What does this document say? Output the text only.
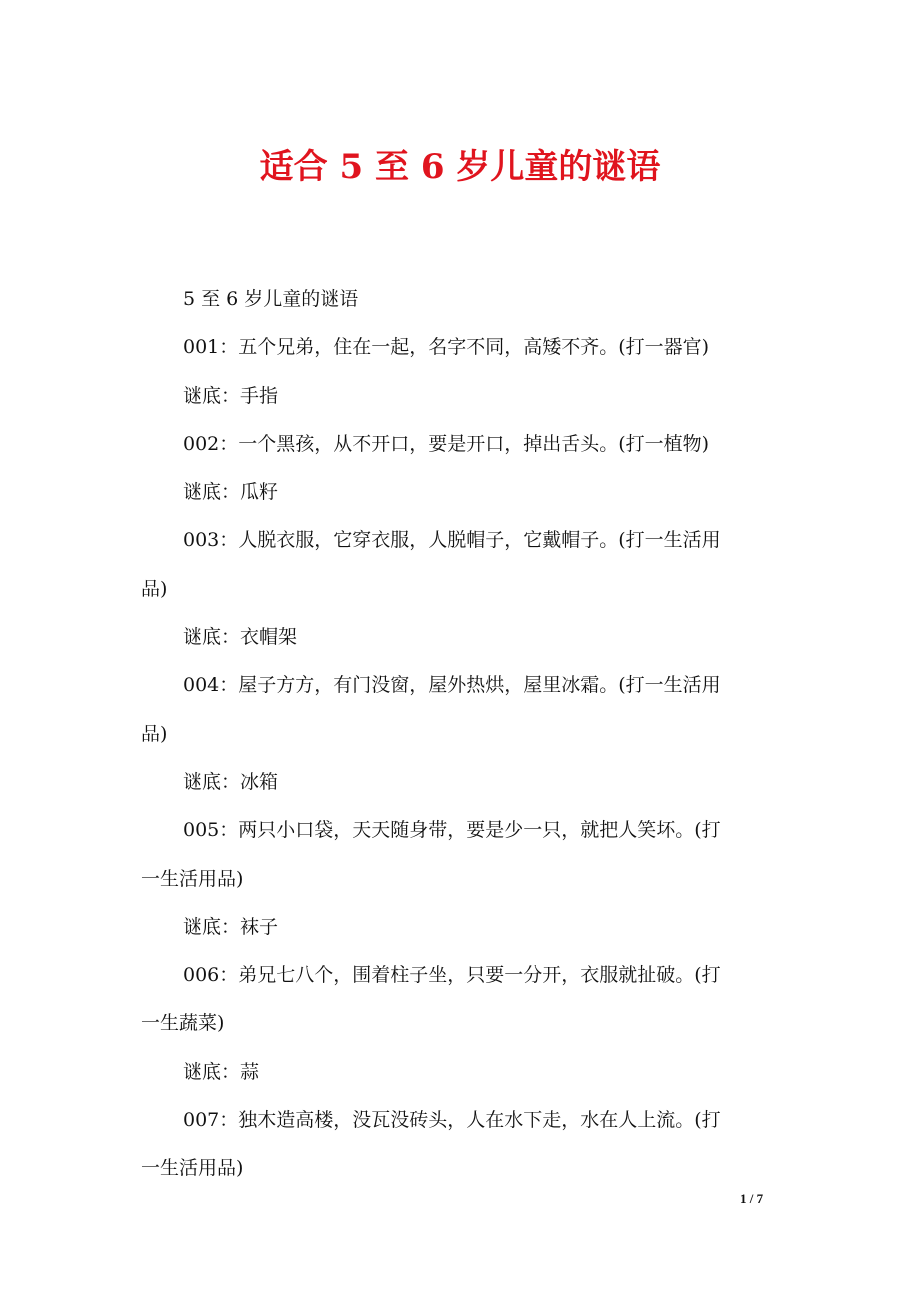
适合 5 至 6 岁儿童的谜语

5 至 6 岁儿童的谜语

001：五个兄弟，住在一起，名字不同，高矮不齐。(打一器官)

谜底：手指

002：一个黑孩，从不开口，要是开口，掉出舌头。(打一植物)

谜底：瓜籽

003：人脱衣服，它穿衣服，人脱帽子，它戴帽子。(打一生活用

品)

谜底：衣帽架

004：屋子方方，有门没窗，屋外热烘，屋里冰霜。(打一生活用

品)

谜底：冰箱

005：两只小口袋，天天随身带，要是少一只，就把人笑坏。(打

一生活用品)

谜底：袜子

006：弟兄七八个，围着柱子坐，只要一分开，衣服就扯破。(打

一生蔬菜)

谜底：蒜

007：独木造高楼，没瓦没砖头，人在水下走，水在人上流。(打

一生活用品)

1 / 7
